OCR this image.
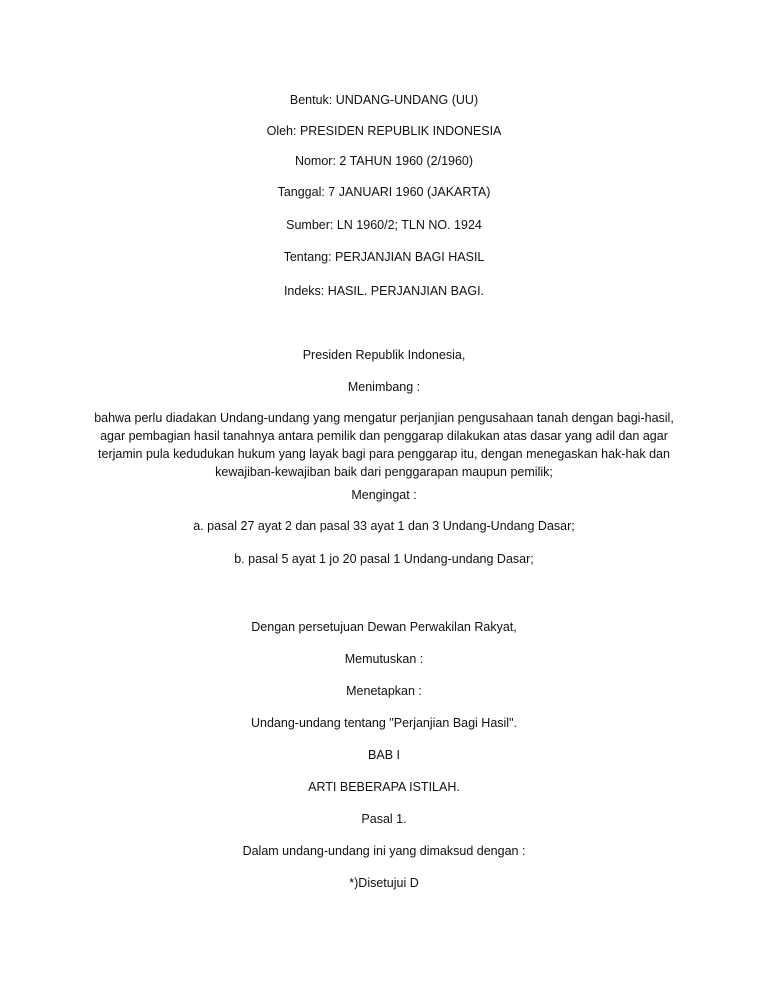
Bentuk: UNDANG-UNDANG (UU)
Oleh: PRESIDEN REPUBLIK INDONESIA
Nomor: 2 TAHUN 1960 (2/1960)
Tanggal: 7 JANUARI 1960 (JAKARTA)
Sumber: LN 1960/2; TLN NO. 1924
Tentang: PERJANJIAN BAGI HASIL
Indeks: HASIL. PERJANJIAN BAGI.
Presiden Republik Indonesia,
Menimbang :
bahwa perlu diadakan Undang-undang yang mengatur perjanjian pengusahaan tanah dengan bagi-hasil,
agar pembagian hasil tanahnya antara pemilik dan penggarap dilakukan atas dasar yang adil dan agar
terjamin pula kedudukan hukum yang layak bagi para penggarap itu, dengan menegaskan hak-hak dan
kewajiban-kewajiban baik dari penggarapan maupun pemilik;
Mengingat :
a. pasal 27 ayat 2 dan pasal 33 ayat 1 dan 3 Undang-Undang Dasar;
b. pasal 5 ayat 1 jo 20 pasal 1 Undang-undang Dasar;
Dengan persetujuan Dewan Perwakilan Rakyat,
Memutuskan :
Menetapkan :
Undang-undang tentang "Perjanjian Bagi Hasil".
BAB I
ARTI BEBERAPA ISTILAH.
Pasal 1.
Dalam undang-undang ini yang dimaksud dengan :
*)Disetujui D
